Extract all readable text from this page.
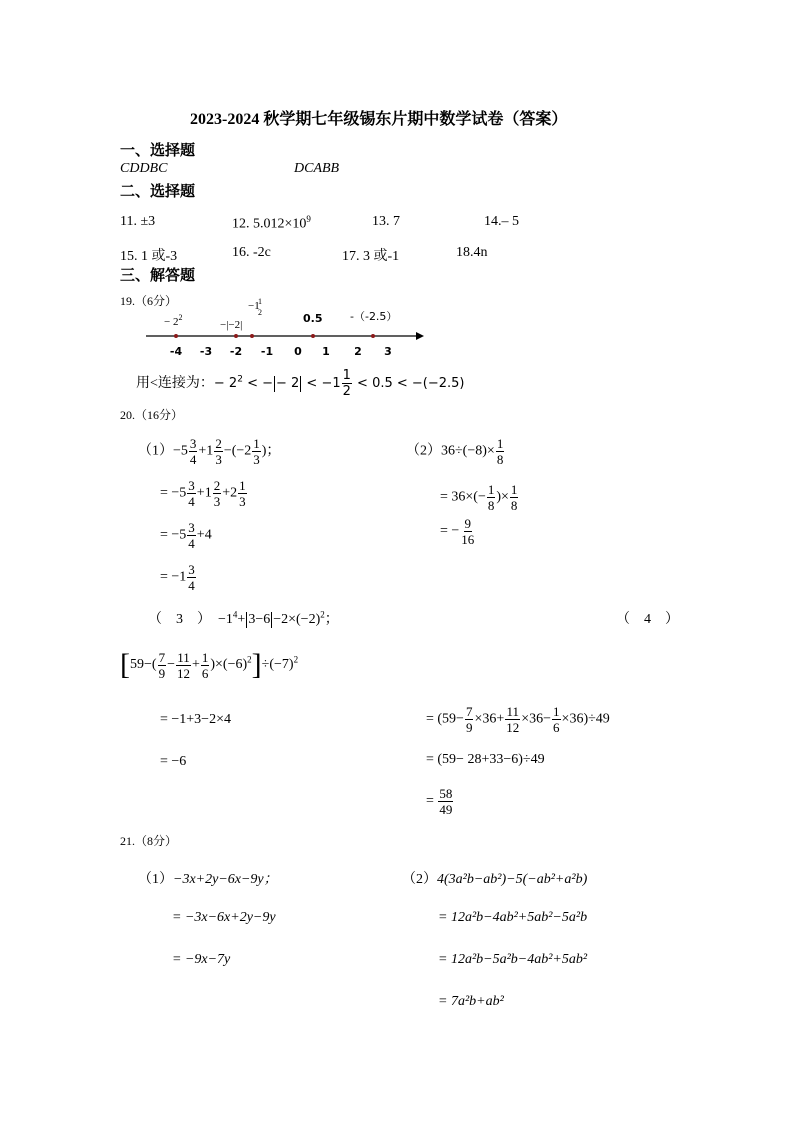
2023-2024 秋学期七年级锡东片期中数学试卷（答案）
一、选择题
CDDBC	DCABB
二、选择题
11. ±3	12. $5.012\times 10^9$	13. 7	14.– 5
15. 1 或-3	16. -2c	17. 3 或-1	18.4n
三、解答题
19.（6分）
-4 -3 -2 -1 0 1 2 3
− $2^2$
−|−2|
−1
1
2	0.5	-（-2.5）
用<连接为：− $2^2$ < − − $2 < -1 \frac{1}{2} < 0.5 < -(-2.5)$
20.（16分）
$(1)-5 \frac{3}{4} +1 \frac{2}{3} -(-2 \frac{1}{3}$ )；
= $-5 \frac{3}{4} +1 \frac{2}{3} +2 \frac{1}{3}$
= $-5 \frac{3}{4} +4$
= $-1 \frac{3}{4}$
$(2)36\div(-8)\times \frac{1}{8}$
= $36\times(- \frac{1}{8}$ )× $\frac{1}{8}$
= − $\frac{9}{16}$
（　3　）　$-1^4+ 3-6 -2\times(-2)^2$；	（　4　）
$[59-( \frac{7}{9} - \frac{11}{12} + \frac{1}{6} )\times(-6)^2]\div(-7)^2$
= −1+3−2×4
= −6
= $(59- \frac{7}{9} \times 36+ \frac{11}{12} \times 36- \frac{1}{6} \times 36)\div 49$
= (59− 28+33−6)÷49
= $\frac{58}{49}$
21.（8分）
（1）−3x+2y−6x−9y；
= −3x−6x+2y−9y
= −9x−7y
（2）4(3a²b−ab²)−5(−ab²+a²b)
= 12a²b−4ab²+5ab²−5a²b
= 12a²b−5a²b−4ab²+5ab²
= 7a²b+ab²
